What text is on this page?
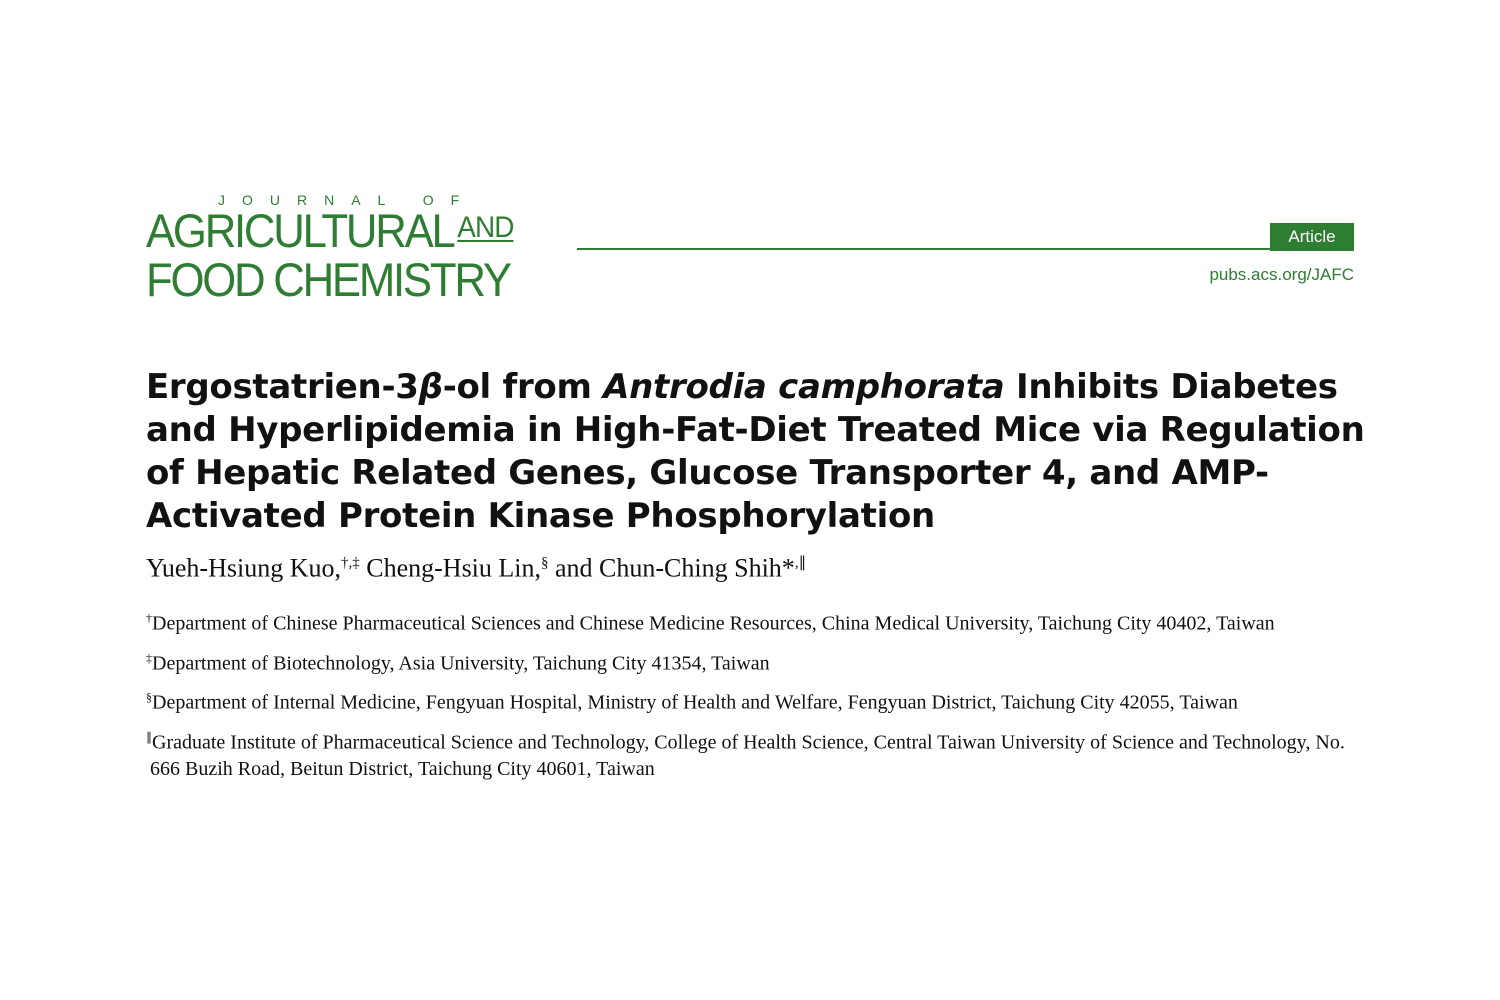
JOURNAL OF
AGRICULTURAL $^{AND}$
FOOD CHEMISTRY
Article
pubs.acs.org/JAFC
Ergostatrien-3β-ol from Antrodia camphorata Inhibits Diabetes and Hyperlipidemia in High-Fat-Diet Treated Mice via Regulation of Hepatic Related Genes, Glucose Transporter 4, and AMP-Activated Protein Kinase Phosphorylation
Yueh-Hsiung Kuo,†,‡ Cheng-Hsiu Lin,§ and Chun-Ching Shih*,∥

†Department of Chinese Pharmaceutical Sciences and Chinese Medicine Resources, China Medical University, Taichung City 40402, Taiwan

‡Department of Biotechnology, Asia University, Taichung City 41354, Taiwan

§Department of Internal Medicine, Fengyuan Hospital, Ministry of Health and Welfare, Fengyuan District, Taichung City 42055, Taiwan

∥Graduate Institute of Pharmaceutical Science and Technology, College of Health Science, Central Taiwan University of Science and Technology, No. 666 Buzih Road, Beitun District, Taichung City 40601, Taiwan
